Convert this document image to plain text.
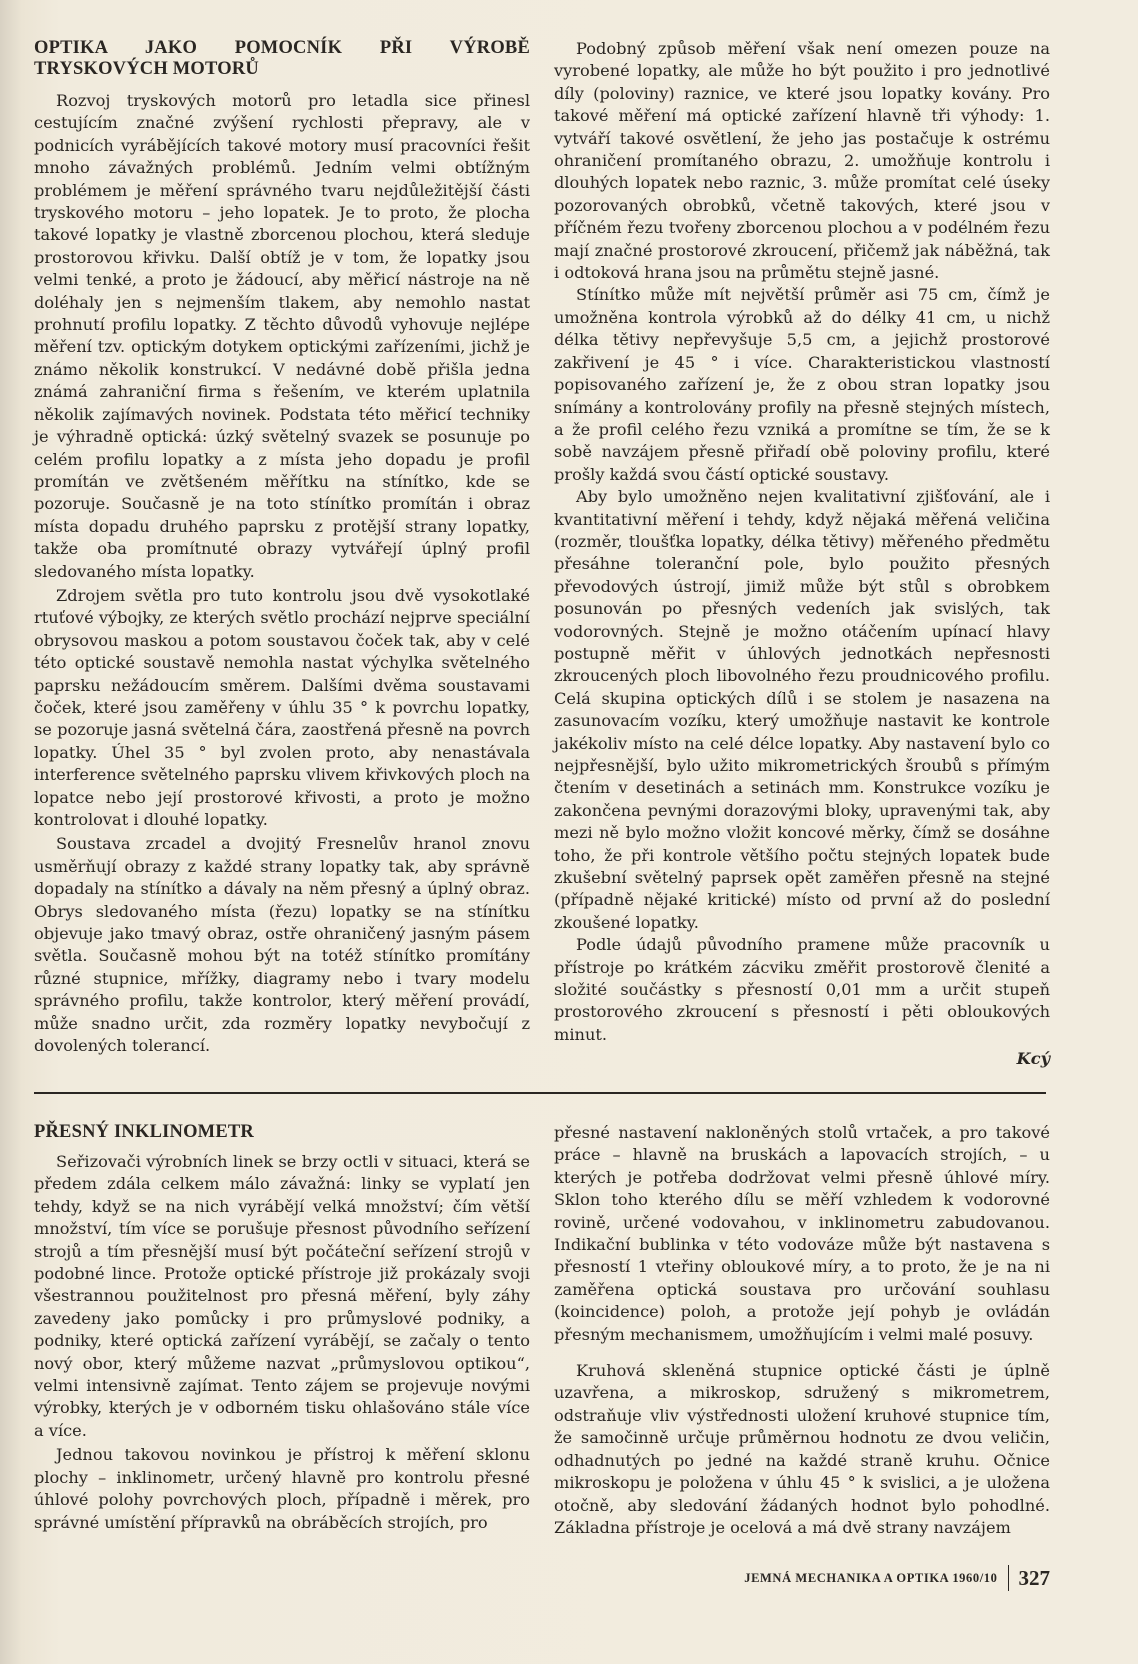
OPTIKA JAKO POMOCNÍK PŘI VÝROBĚ TRYSKOVÝCH MOTORŮ

Rozvoj tryskových motorů pro letadla sice přinesl cestujícím značné zvýšení rychlosti přepravy, ale v podnicích vyrábějících takové motory musí pracovníci řešit mnoho závažných problémů. Jedním velmi obtížným problémem je měření správného tvaru nejdůležitější části tryskového motoru – jeho lopatek. Je to proto, že plocha takové lopatky je vlastně zborcenou plochou, která sleduje prostorovou křivku. Další obtíž je v tom, že lopatky jsou velmi tenké, a proto je žádoucí, aby měřicí nástroje na ně doléhaly jen s nejmenším tlakem, aby nemohlo nastat prohnutí profilu lopatky. Z těchto důvodů vyhovuje nejlépe měření tzv. optickým dotykem optickými zařízeními, jichž je známo několik konstrukcí. V nedávné době přišla jedna známá zahraniční firma s řešením, ve kterém uplatnila několik zajímavých novinek. Podstata této měřicí techniky je výhradně optická: úzký světelný svazek se posunuje po celém profilu lopatky a z místa jeho dopadu je profil promítán ve zvětšeném měřítku na stínítko, kde se pozoruje. Současně je na toto stínítko promítán i obraz místa dopadu druhého paprsku z protější strany lopatky, takže oba promítnuté obrazy vytvářejí úplný profil sledovaného místa lopatky.

Zdrojem světla pro tuto kontrolu jsou dvě vysokotlaké rtuťové výbojky, ze kterých světlo prochází nejprve speciální obrysovou maskou a potom soustavou čoček tak, aby v celé této optické soustavě nemohla nastat výchylka světelného paprsku nežádoucím směrem. Dalšími dvěma soustavami čoček, které jsou zaměřeny v úhlu 35 ° k povrchu lopatky, se pozoruje jasná světelná čára, zaostřená přesně na povrch lopatky. Úhel 35 ° byl zvolen proto, aby nenastávala interference světelného paprsku vlivem křivkových ploch na lopatce nebo její prostorové křivosti, a proto je možno kontrolovat i dlouhé lopatky.

Soustava zrcadel a dvojitý Fresnelův hranol znovu usměrňují obrazy z každé strany lopatky tak, aby správně dopadaly na stínítko a dávaly na něm přesný a úplný obraz. Obrys sledovaného místa (řezu) lopatky se na stínítku objevuje jako tmavý obraz, ostře ohraničený jasným pásem světla. Současně mohou být na totéž stínítko promítány různé stupnice, mřížky, diagramy nebo i tvary modelu správného profilu, takže kontrolor, který měření provádí, může snadno určit, zda rozměry lopatky nevybočují z dovolených tolerancí.

Podobný způsob měření však není omezen pouze na vyrobené lopatky, ale může ho být použito i pro jednotlivé díly (poloviny) raznice, ve které jsou lopatky kovány. Pro takové měření má optické zařízení hlavně tři výhody: 1. vytváří takové osvětlení, že jeho jas postačuje k ostrému ohraničení promítaného obrazu, 2. umožňuje kontrolu i dlouhých lopatek nebo raznic, 3. může promítat celé úseky pozorovaných obrobků, včetně takových, které jsou v příčném řezu tvořeny zborcenou plochou a v podélném řezu mají značné prostorové zkroucení, přičemž jak náběžná, tak i odtoková hrana jsou na průmětu stejně jasné.

Stínítko může mít největší průměr asi 75 cm, čímž je umožněna kontrola výrobků až do délky 41 cm, u nichž délka tětivy nepřevyšuje 5,5 cm, a jejichž prostorové zakřivení je 45 ° i více. Charakteristickou vlastností popisovaného zařízení je, že z obou stran lopatky jsou snímány a kontrolovány profily na přesně stejných místech, a že profil celého řezu vzniká a promítne se tím, že se k sobě navzájem přesně přiřadí obě poloviny profilu, které prošly každá svou částí optické soustavy.

Aby bylo umožněno nejen kvalitativní zjišťování, ale i kvantitativní měření i tehdy, když nějaká měřená veličina (rozměr, tloušťka lopatky, délka tětivy) měřeného předmětu přesáhne toleranční pole, bylo použito přesných převodových ústrojí, jimiž může být stůl s obrobkem posunován po přesných vedeních jak svislých, tak vodorovných. Stejně je možno otáčením upínací hlavy postupně měřit v úhlových jednotkách nepřesnosti zkroucených ploch libovolného řezu proudnicového profilu. Celá skupina optických dílů i se stolem je nasazena na zasunovacím vozíku, který umožňuje nastavit ke kontrole jakékoliv místo na celé délce lopatky. Aby nastavení bylo co nejpřesnější, bylo užito mikrometrických šroubů s přímým čtením v desetinách a setinách mm. Konstrukce vozíku je zakončena pevnými dorazovými bloky, upravenými tak, aby mezi ně bylo možno vložit koncové měrky, čímž se dosáhne toho, že při kontrole většího počtu stejných lopatek bude zkušební světelný paprsek opět zaměřen přesně na stejné (případně nějaké kritické) místo od první až do poslední zkoušené lopatky.

Podle údajů původního pramene může pracovník u přístroje po krátkém zácviku změřit prostorově členité a složité součástky s přesností 0,01 mm a určit stupeň prostorového zkroucení s přesností i pěti obloukových minut.

Kcý
PŘESNÝ INKLINOMETR

Seřizovači výrobních linek se brzy octli v situaci, která se předem zdála celkem málo závažná: linky se vyplatí jen tehdy, když se na nich vyrábějí velká množství; čím větší množství, tím více se porušuje přesnost původního seřízení strojů a tím přesnější musí být počáteční seřízení strojů v podobné lince. Protože optické přístroje již prokázaly svoji všestrannou použitelnost pro přesná měření, byly záhy zavedeny jako pomůcky i pro průmyslové podniky, a podniky, které optická zařízení vyrábějí, se začaly o tento nový obor, který můžeme nazvat „průmyslovou optikou“, velmi intensivně zajímat. Tento zájem se projevuje novými výrobky, kterých je v odborném tisku ohlašováno stále více a více.

Jednou takovou novinkou je přístroj k měření sklonu plochy – inklinometr, určený hlavně pro kontrolu přesné úhlové polohy povrchových ploch, případně i měrek, pro správné umístění přípravků na obráběcích strojích, pro

přesné nastavení nakloněných stolů vrtaček, a pro takové práce – hlavně na bruskách a lapovacích strojích, – u kterých je potřeba dodržovat velmi přesně úhlové míry. Sklon toho kterého dílu se měří vzhledem k vodorovné rovině, určené vodovahou, v inklinometru zabudovanou. Indikační bublinka v této vodováze může být nastavena s přesností 1 vteřiny obloukové míry, a to proto, že je na ni zaměřena optická soustava pro určování souhlasu (koincidence) poloh, a protože její pohyb je ovládán přesným mechanismem, umožňujícím i velmi malé posuvy.

Kruhová skleněná stupnice optické části je úplně uzavřena, a mikroskop, sdružený s mikrometrem, odstraňuje vliv výstřednosti uložení kruhové stupnice tím, že samočinně určuje průměrnou hodnotu ze dvou veličin, odhadnutých po jedné na každé straně kruhu. Očnice mikroskopu je položena v úhlu 45 ° k svislici, a je uložena otočně, aby sledování žádaných hodnot bylo pohodlné. Základna přístroje je ocelová a má dvě strany navzájem

JEMNÁ MECHANIKA A OPTIKA 1960/10 327
